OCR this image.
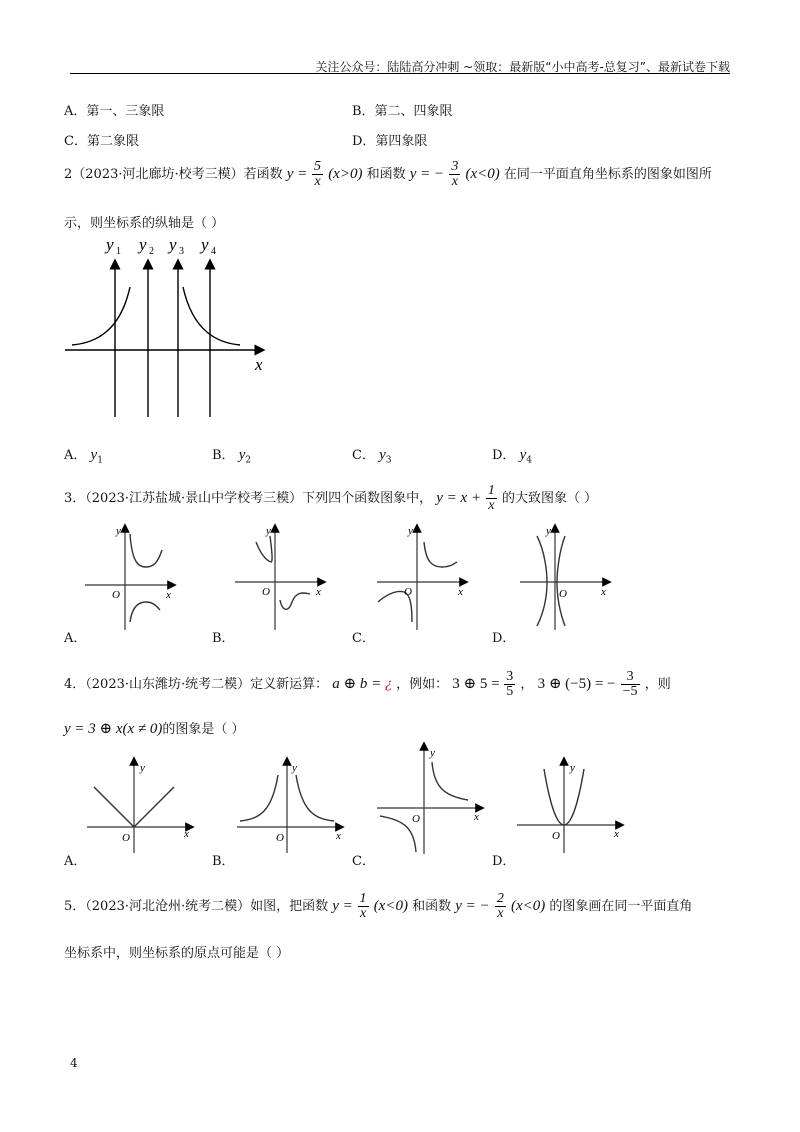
关注公众号：陆陆高分冲刺 ~领取：最新版“小中高考-总复习”、最新试卷下载
A．第一、三象限	B．第二、四象限
C．第二象限	D．第四象限
2（2023·河北廊坊·校考三模）若函数 $y = \frac{5}{x} (x>0)$ 和函数 y = − $\frac{3}{x} (x<0)$ 在同一平面直角坐标系的图象如图所
示，则坐标系的纵轴是（ ）
y 1 y 2 y 3 y 4
x
A． $y_1$	B． $y_2$	C． $y_3$	D． $y_4$
3．（2023·江苏盐城·景山中学校考三模）下列四个函数图象中， $y = x + \frac{1}{x}$ 的大致图象（ ）
y
x
O
y
x
O
y
x
O
y
x
O
A．	B．	C．	D．
4．（2023·山东潍坊·统考二模）定义新运算： a ⊕ b = ¿ ，例如： 3 ⊕ $5 = \frac{3}{5}$ ， 3 ⊕ (−5) = − $\frac{3}{-5}$ ，则
y = 3 ⊕ x(x ≠ 0)的图象是（ ）
y
x
O
y
x
O
y
x
O
y
x
O
A．	B．	C．	D．
5．（2023·河北沧州·统考二模）如图，把函数 $y = \frac{1}{x} (x<0)$ 和函数 y = − $\frac{2}{x} (x<0)$ 的图象画在同一平面直角
坐标系中，则坐标系的原点可能是（ ）
4
